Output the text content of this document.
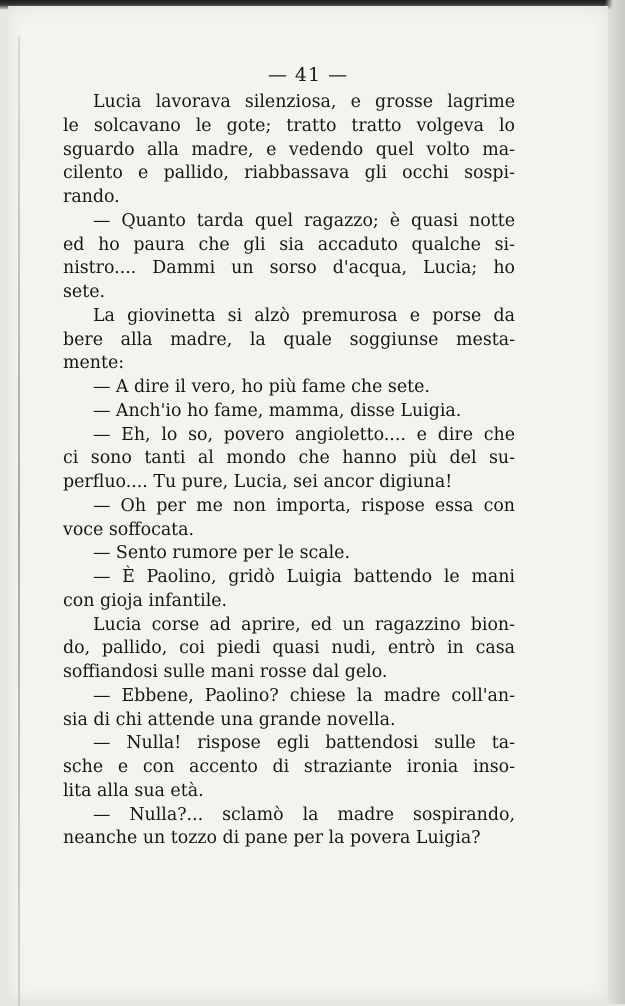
— 41 —
Lucia lavorava silenziosa, e grosse lagrime
le solcavano le gote; tratto tratto volgeva lo
sguardo alla madre, e vedendo quel volto ma-
cilento e pallido, riabbassava gli occhi sospi-
rando.
— Quanto tarda quel ragazzo; è quasi notte
ed ho paura che gli sia accaduto qualche si-
nistro.... Dammi un sorso d'acqua, Lucia; ho
sete.
La giovinetta si alzò premurosa e porse da
bere alla madre, la quale soggiunse mesta-
mente:
— A dire il vero, ho più fame che sete.
— Anch'io ho fame, mamma, disse Luigia.
— Eh, lo so, povero angioletto.... e dire che
ci sono tanti al mondo che hanno più del su-
perfluo.... Tu pure, Lucia, sei ancor digiuna!
— Oh per me non importa, rispose essa con
voce soffocata.
— Sento rumore per le scale.
— È Paolino, gridò Luigia battendo le mani
con gioja infantile.
Lucia corse ad aprire, ed un ragazzino bion-
do, pallido, coi piedi quasi nudi, entrò in casa
soffiandosi sulle mani rosse dal gelo.
— Ebbene, Paolino? chiese la madre coll'an-
sia di chi attende una grande novella.
— Nulla! rispose egli battendosi sulle ta-
sche e con accento di straziante ironia inso-
lita alla sua età.
— Nulla?... sclamò la madre sospirando,
neanche un tozzo di pane per la povera Luigia?
